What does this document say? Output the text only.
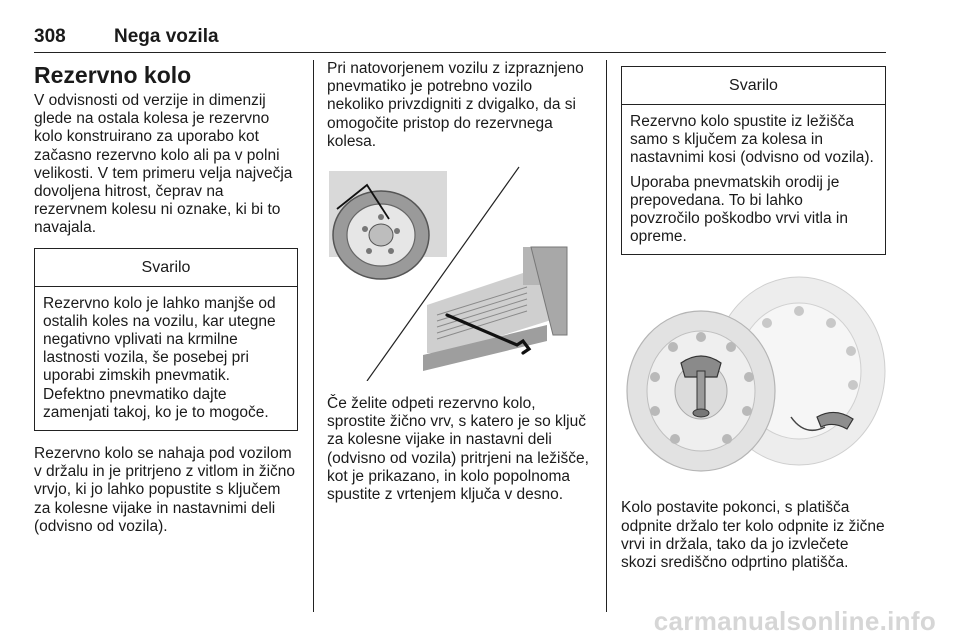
308	Nega vozila
Rezervno kolo

V odvisnosti od verzije in dimenzij glede na ostala kolesa je rezervno kolo konstruirano za uporabo kot začasno rezervno kolo ali pa v polni velikosti. V tem primeru velja največja dovoljena hitrost, čeprav na rezervnem kolesu ni oznake, ki bi to navajala.

Svarilo

Rezervno kolo je lahko manjše od ostalih koles na vozilu, kar utegne negativno vplivati na krmilne lastnosti vozila, še posebej pri uporabi zimskih pnevmatik. Defektno pnevmatiko dajte zamenjati takoj, ko je to mogoče.

Rezervno kolo se nahaja pod vozilom v držalu in je pritrjeno z vitlom in žično vrvjo, ki jo lahko popustite s ključem za kolesne vijake in nastavnimi deli (odvisno od vozila).

Pri natovorjenem vozilu z izpraznjeno pnevmatiko je potrebno vozilo nekoliko privzdigniti z dvigalko, da si omogočite pristop do rezervnega kolesa.

Če želite odpeti rezervno kolo, sprostite žično vrv, s katero je so ključ za kolesne vijake in nastavni deli (odvisno od vozila) pritrjeni na ležišče, kot je prikazano, in kolo popolnoma spustite z vrtenjem ključa v desno.

Svarilo

Rezervno kolo spustite iz ležišča samo s ključem za kolesa in nastavnimi kosi (odvisno od vozila).

Uporaba pnevmatskih orodij je prepovedana. To bi lahko povzročilo poškodbo vrvi vitla in opreme.

Kolo postavite pokonci, s platišča odpnite držalo ter kolo odpnite iz žične vrvi in držala, tako da jo izvlečete skozi središčno odprtino platišča.

carmanualsonline.info
